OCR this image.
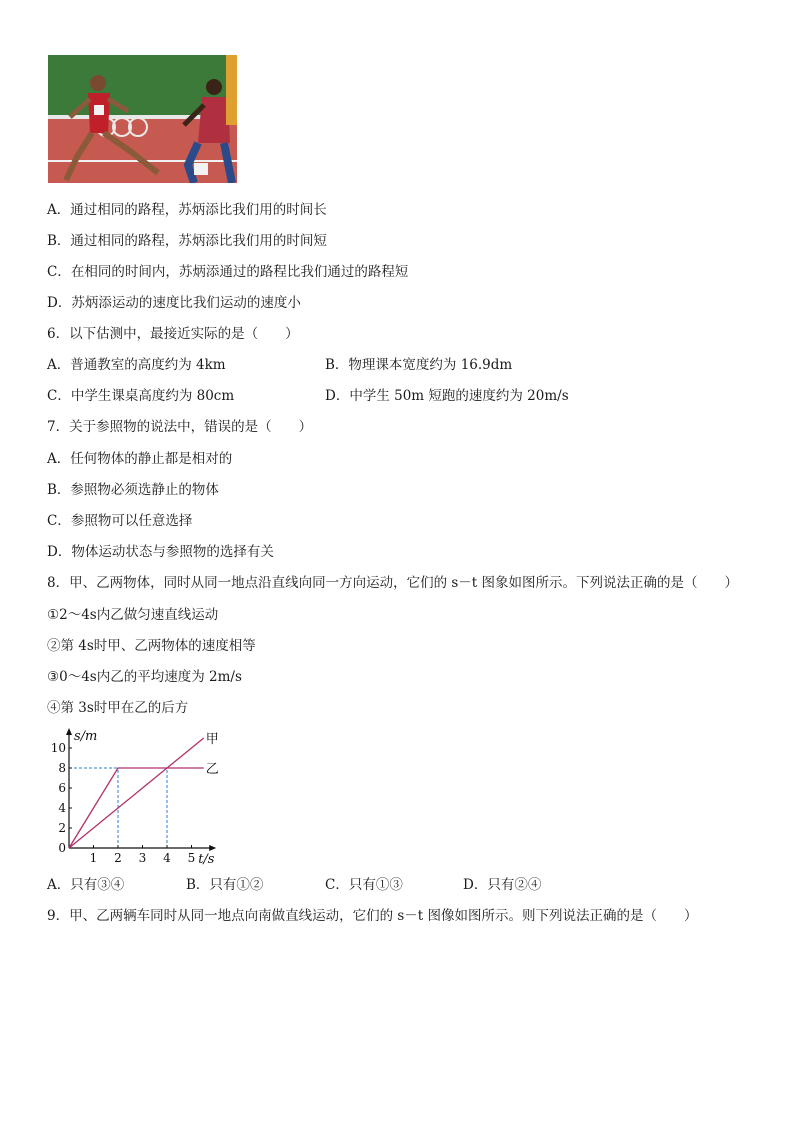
A．通过相同的路程，苏炳添比我们用的时间长
B．通过相同的路程，苏炳添比我们用的时间短
C．在相同的时间内，苏炳添通过的路程比我们通过的路程短
D．苏炳添运动的速度比我们运动的速度小
6．以下估测中，最接近实际的是（　　）
A．普通教室的高度约为 4km	B．物理课本宽度约为 16.9dm
C．中学生课桌高度约为 80cm	D．中学生 50m 短跑的速度约为 20m/s
7．关于参照物的说法中，错误的是（　　）
A．任何物体的静止都是相对的
B．参照物必须选静止的物体
C．参照物可以任意选择
D．物体运动状态与参照物的选择有关
8．甲、乙两物体，同时从同一地点沿直线向同一方向运动，它们的 s－t 图象如图所示。下列说法正确的是（　　）
①2～4s内乙做匀速直线运动
②第 4s时甲、乙两物体的速度相等
③0～4s内乙的平均速度为 2m/s
④第 3s时甲在乙的后方
甲
乙
1 2 3 4 5
0
2
4
6
8
10
s/m
t/s
A．只有③④	B．只有①②	C．只有①③	D．只有②④
9．甲、乙两辆车同时从同一地点向南做直线运动，它们的 s－t 图像如图所示。则下列说法正确的是（　　）
